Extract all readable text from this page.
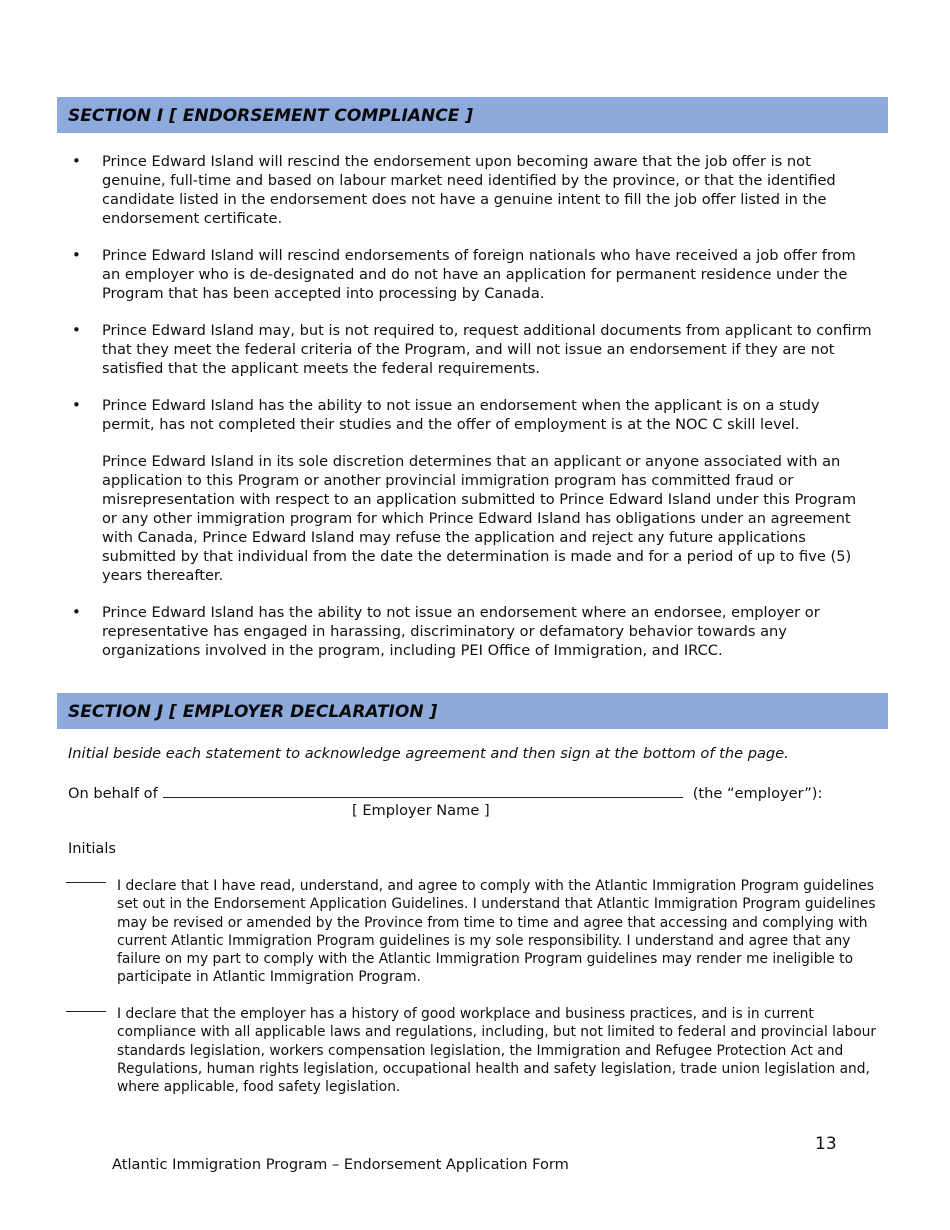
SECTION I [ ENDORSEMENT COMPLIANCE ]
• Prince Edward Island will rescind the endorsement upon becoming aware that the job offer is not genuine, full-time and based on labour market need identified by the province, or that the identified candidate listed in the endorsement does not have a genuine intent to fill the job offer listed in the endorsement certificate.

• Prince Edward Island will rescind endorsements of foreign nationals who have received a job offer from an employer who is de-designated and do not have an application for permanent residence under the Program that has been accepted into processing by Canada.

• Prince Edward Island may, but is not required to, request additional documents from applicant to confirm that they meet the federal criteria of the Program, and will not issue an endorsement if they are not satisfied that the applicant meets the federal requirements.

• Prince Edward Island has the ability to not issue an endorsement when the applicant is on a study permit, has not completed their studies and the offer of employment is at the NOC C skill level.

Prince Edward Island in its sole discretion determines that an applicant or anyone associated with an application to this Program or another provincial immigration program has committed fraud or misrepresentation with respect to an application submitted to Prince Edward Island under this Program or any other immigration program for which Prince Edward Island has obligations under an agreement with Canada, Prince Edward Island may refuse the application and reject any future applications submitted by that individual from the date the determination is made and for a period of up to five (5) years thereafter.

• Prince Edward Island has the ability to not issue an endorsement where an endorsee, employer or representative has engaged in harassing, discriminatory or defamatory behavior towards any organizations involved in the program, including PEI Office of Immigration, and IRCC.

SECTION J [ EMPLOYER DECLARATION ]

Initial beside each statement to acknowledge agreement and then sign at the bottom of the page.

On behalf of	(the “employer”):
[ Employer Name ]
Initials

I declare that I have read, understand, and agree to comply with the Atlantic Immigration Program guidelines set out in the Endorsement Application Guidelines. I understand that Atlantic Immigration Program guidelines may be revised or amended by the Province from time to time and agree that accessing and complying with current Atlantic Immigration Program guidelines is my sole responsibility. I understand and agree that any failure on my part to comply with the Atlantic Immigration Program guidelines may render me ineligible to participate in Atlantic Immigration Program.

I declare that the employer has a history of good workplace and business practices, and is in current compliance with all applicable laws and regulations, including, but not limited to federal and provincial labour standards legislation, workers compensation legislation, the Immigration and Refugee Protection Act and Regulations, human rights legislation, occupational health and safety legislation, trade union legislation and, where applicable, food safety legislation.

13
Atlantic Immigration Program – Endorsement Application Form
